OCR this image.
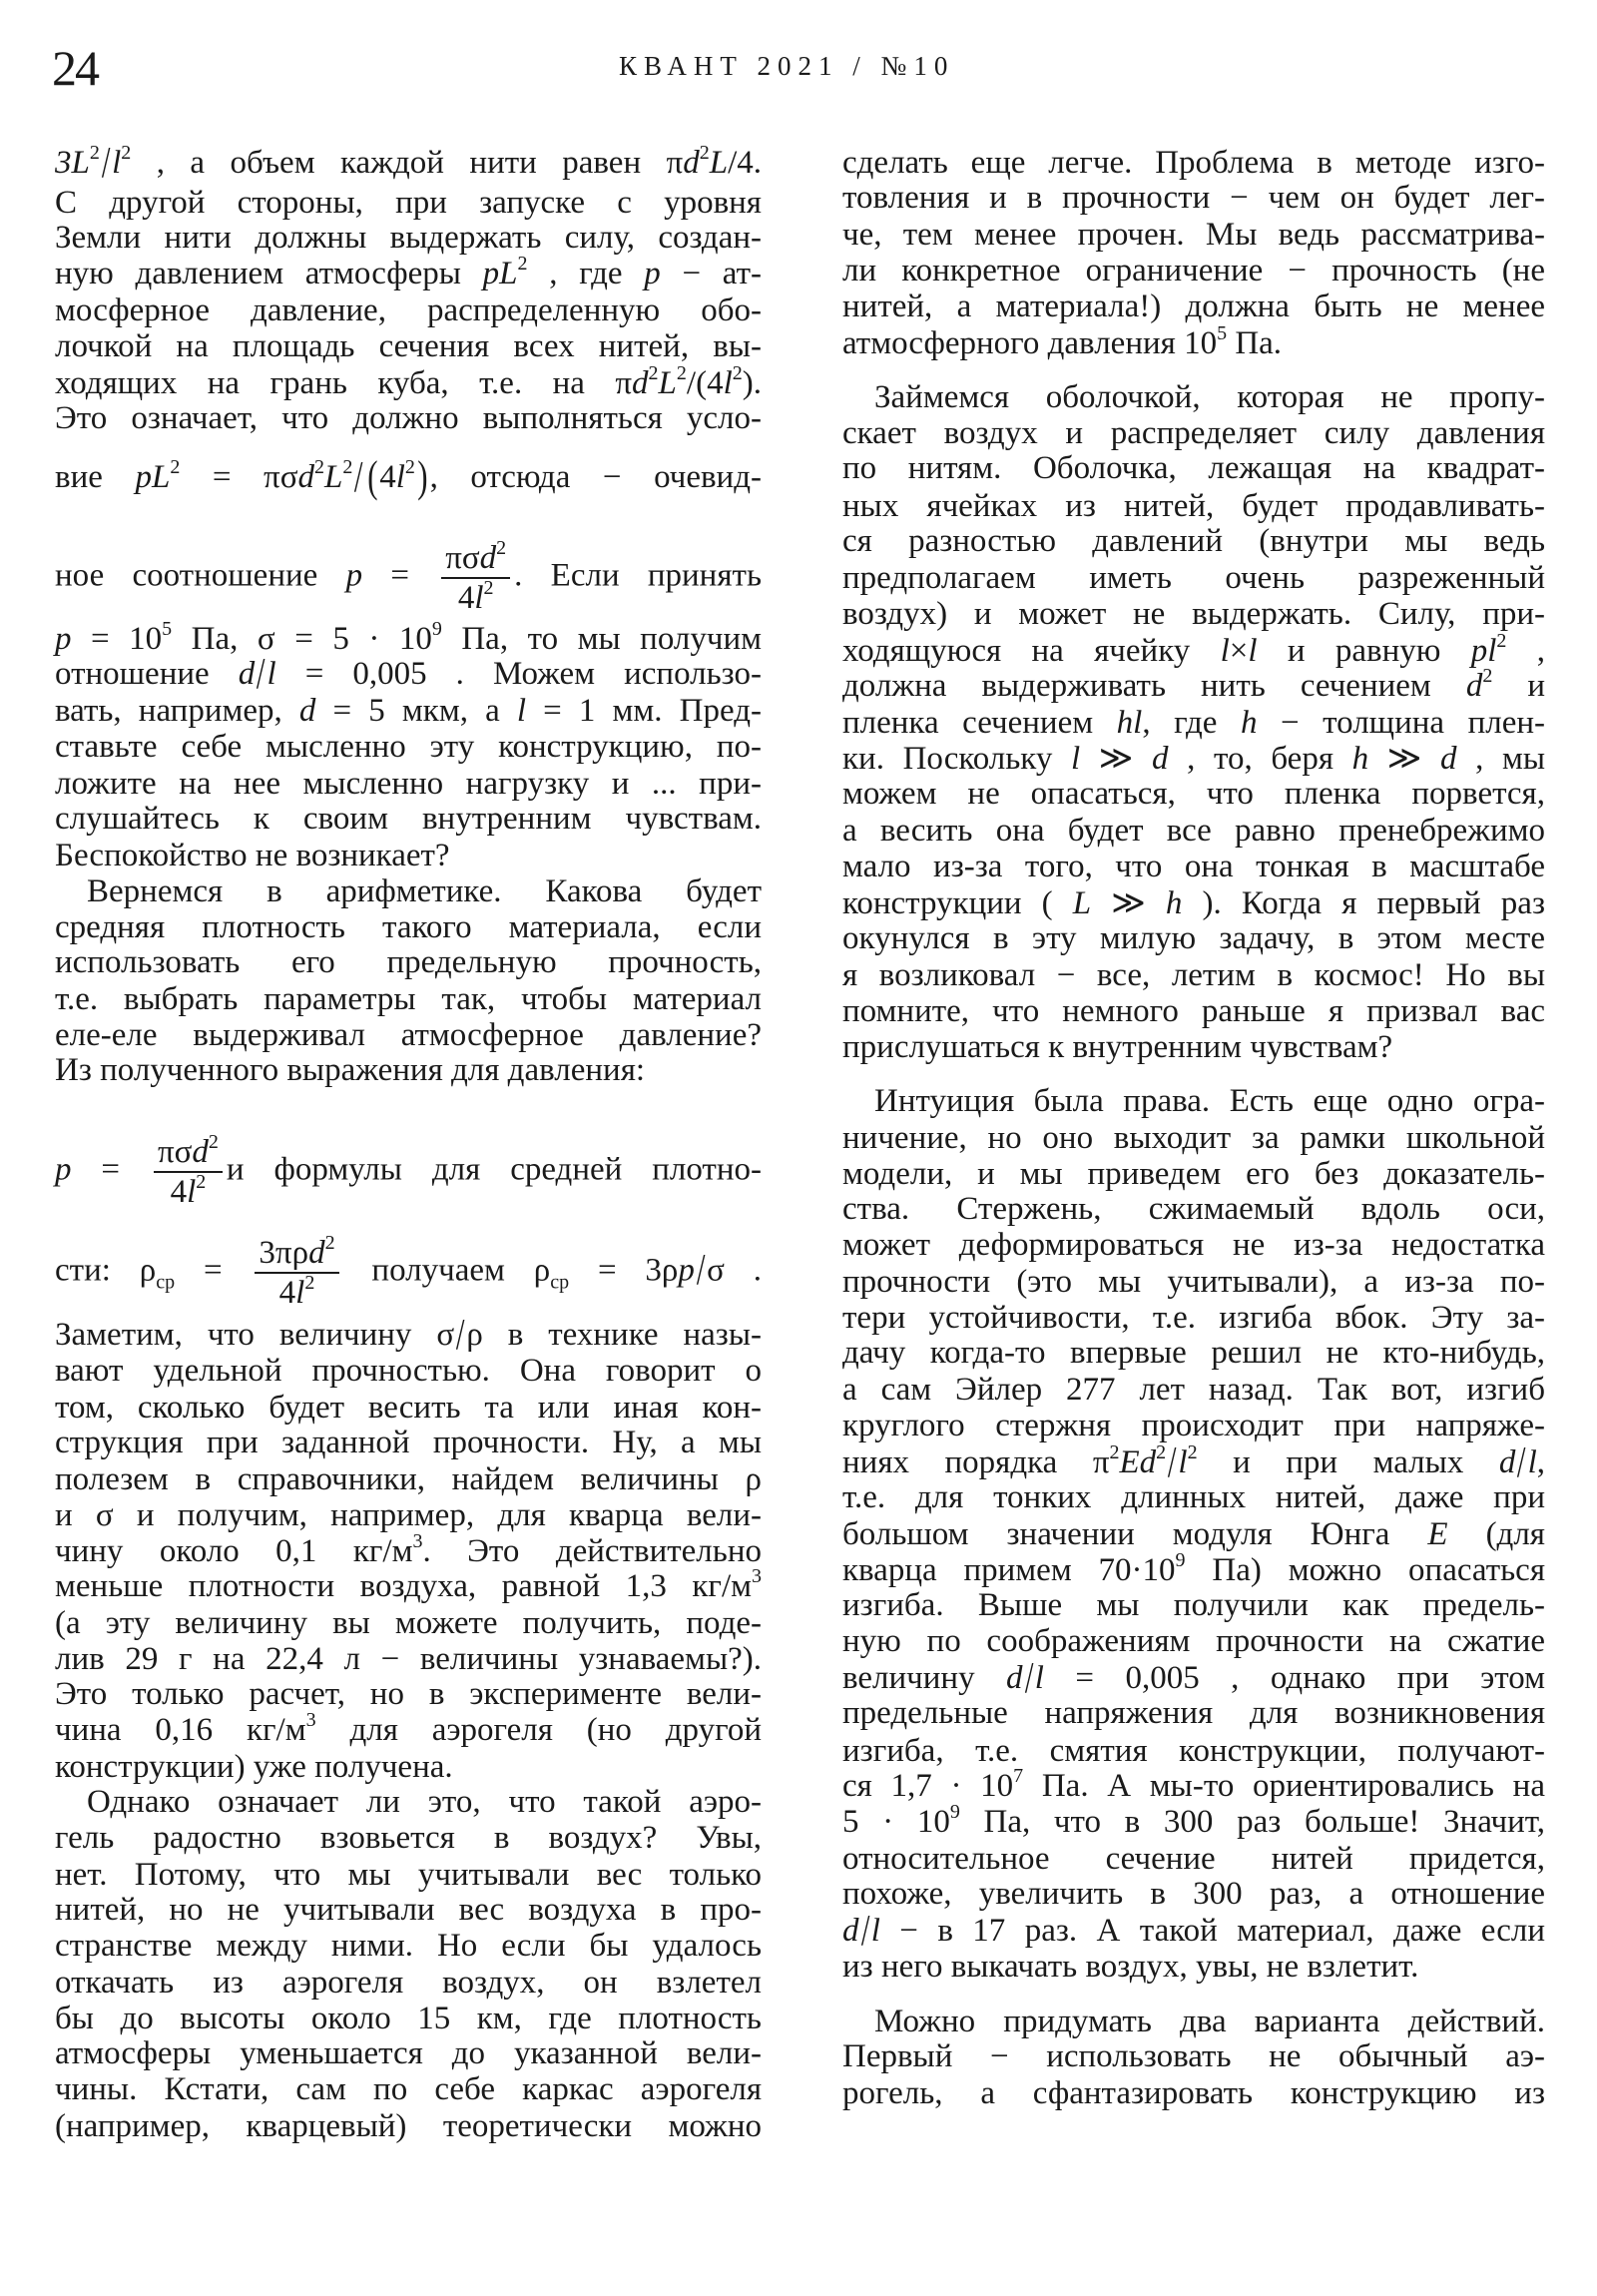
24	КВАНТ 2021 / №10
$3L^2/l^2$ , а объем каждой нити равен $\pi d^2L/4$.
С другой стороны, при запуске с уровня
Земли нити должны выдержать силу, создан-
ную давлением атмосферы $pL^2$ , где p − ат-
мосферное давление, распределенную обо-
лочкой на площадь сечения всех нитей, вы-
ходящих на грань куба, т.е. на $\pi d^2L^2/(4l^2)$.
Это означает, что должно выполняться усло-
вие $pL^2 = \pi\sigma d^2L^2/(4l^2)$, отсюда − очевид-
ное соотношение $p = \frac{\pi\sigma d^2}{4l^2}$ . Если принять
$p = 10^5$ Па, $\sigma = 5 \cdot 10^9$ Па, то мы получим
отношение d/l = 0,005 . Можем использо-
вать, например, d = 5 мкм, а l = 1 мм. Пред-
ставьте себе мысленно эту конструкцию, по-
ложите на нее мысленно нагрузку и ... при-
слушайтесь к своим внутренним чувствам.
Беспокойство не возникает?
Вернемся в арифметике. Какова будет
средняя плотность такого материала, если
использовать его предельную прочность,
т.е. выбрать параметры так, чтобы материал
еле-еле выдерживал атмосферное давление?
Из полученного выражения для давления:
$p = \frac{\pi\sigma d^2}{4l^2}$ и формулы для средней плотно-
сти: $\rho_{ср} = \frac{3\pi\rho d^2}{4l^2}$ получаем $\rho_{ср} = 3\rho p/\sigma$ .
Заметим, что величину σ/ρ в технике назы-
вают удельной прочностью. Она говорит о
том, сколько будет весить та или иная кон-
струкция при заданной прочности. Ну, а мы
полезем в справочники, найдем величины ρ
и σ и получим, например, для кварца вели-
чину около 0,1 $кг/м^3$. Это действительно
меньше плотности воздуха, равной 1,3 $кг/м^3$
(а эту величину вы можете получить, поде-
лив 29 г на 22,4 л − величины узнаваемы?).
Это только расчет, но в эксперименте вели-
чина 0,16 $кг/м^3$ для аэрогеля (но другой
конструкции) уже получена.
Однако означает ли это, что такой аэро-
гель радостно взовьется в воздух? Увы,
нет. Потому, что мы учитывали вес только
нитей, но не учитывали вес воздуха в про-
странстве между ними. Но если бы удалось
откачать из аэрогеля воздух, он взлетел
бы до высоты около 15 км, где плотность
атмосферы уменьшается до указанной вели-
чины. Кстати, сам по себе каркас аэрогеля
(например, кварцевый) теоретически можно
сделать еще легче. Проблема в методе изго-
товления и в прочности − чем он будет лег-
че, тем менее прочен. Мы ведь рассматрива-
ли конкретное ограничение − прочность (не
нитей, а материала!) должна быть не менее
атмосферного давления $10^5$ Па.
Займемся оболочкой, которая не пропу-
скает воздух и распределяет силу давления
по нитям. Оболочка, лежащая на квадрат-
ных ячейках из нитей, будет продавливать-
ся разностью давлений (внутри мы ведь
предполагаем иметь очень разреженный
воздух) и может не выдержать. Силу, при-
ходящуюся на ячейку l×l и равную $pl^2$ ,
должна выдерживать нить сечением $d^2$ и
пленка сечением hl, где h − толщина плен-
ки. Поскольку l ≫ d , то, беря h ≫ d , мы
можем не опасаться, что пленка порвется,
а весить она будет все равно пренебрежимо
мало из-за того, что она тонкая в масштабе
конструкции ( L ≫ h ). Когда я первый раз
окунулся в эту милую задачу, в этом месте
я возликовал − все, летим в космос! Но вы
помните, что немного раньше я призвал вас
прислушаться к внутренним чувствам?
Интуиция была права. Есть еще одно огра-
ничение, но оно выходит за рамки школьной
модели, и мы приведем его без доказатель-
ства. Стержень, сжимаемый вдоль оси,
может деформироваться не из-за недостатка
прочности (это мы учитывали), а из-за по-
тери устойчивости, т.е. изгиба вбок. Эту за-
дачу когда-то впервые решил не кто-нибудь,
а сам Эйлер 277 лет назад. Так вот, изгиб
круглого стержня происходит при напряже-
ниях порядка $\pi^2Ed^2/l^2$ и при малых d/l,
т.е. для тонких длинных нитей, даже при
большом значении модуля Юнга E (для
кварца примем $70\cdot 10^9$ Па) можно опасаться
изгиба. Выше мы получили как предель-
ную по соображениям прочности на сжатие
величину d/l = 0,005 , однако при этом
предельные напряжения для возникновения
изгиба, т.е. смятия конструкции, получают-
ся $1,7 \cdot 10^7$ Па. А мы-то ориентировались на
$5 \cdot 10^9$ Па, что в 300 раз больше! Значит,
относительное сечение нитей придется,
похоже, увеличить в 300 раз, а отношение
d/l − в 17 раз. А такой материал, даже если
из него выкачать воздух, увы, не взлетит.
Можно придумать два варианта действий.
Первый − использовать не обычный аэ-
рогель, а сфантазировать конструкцию из
